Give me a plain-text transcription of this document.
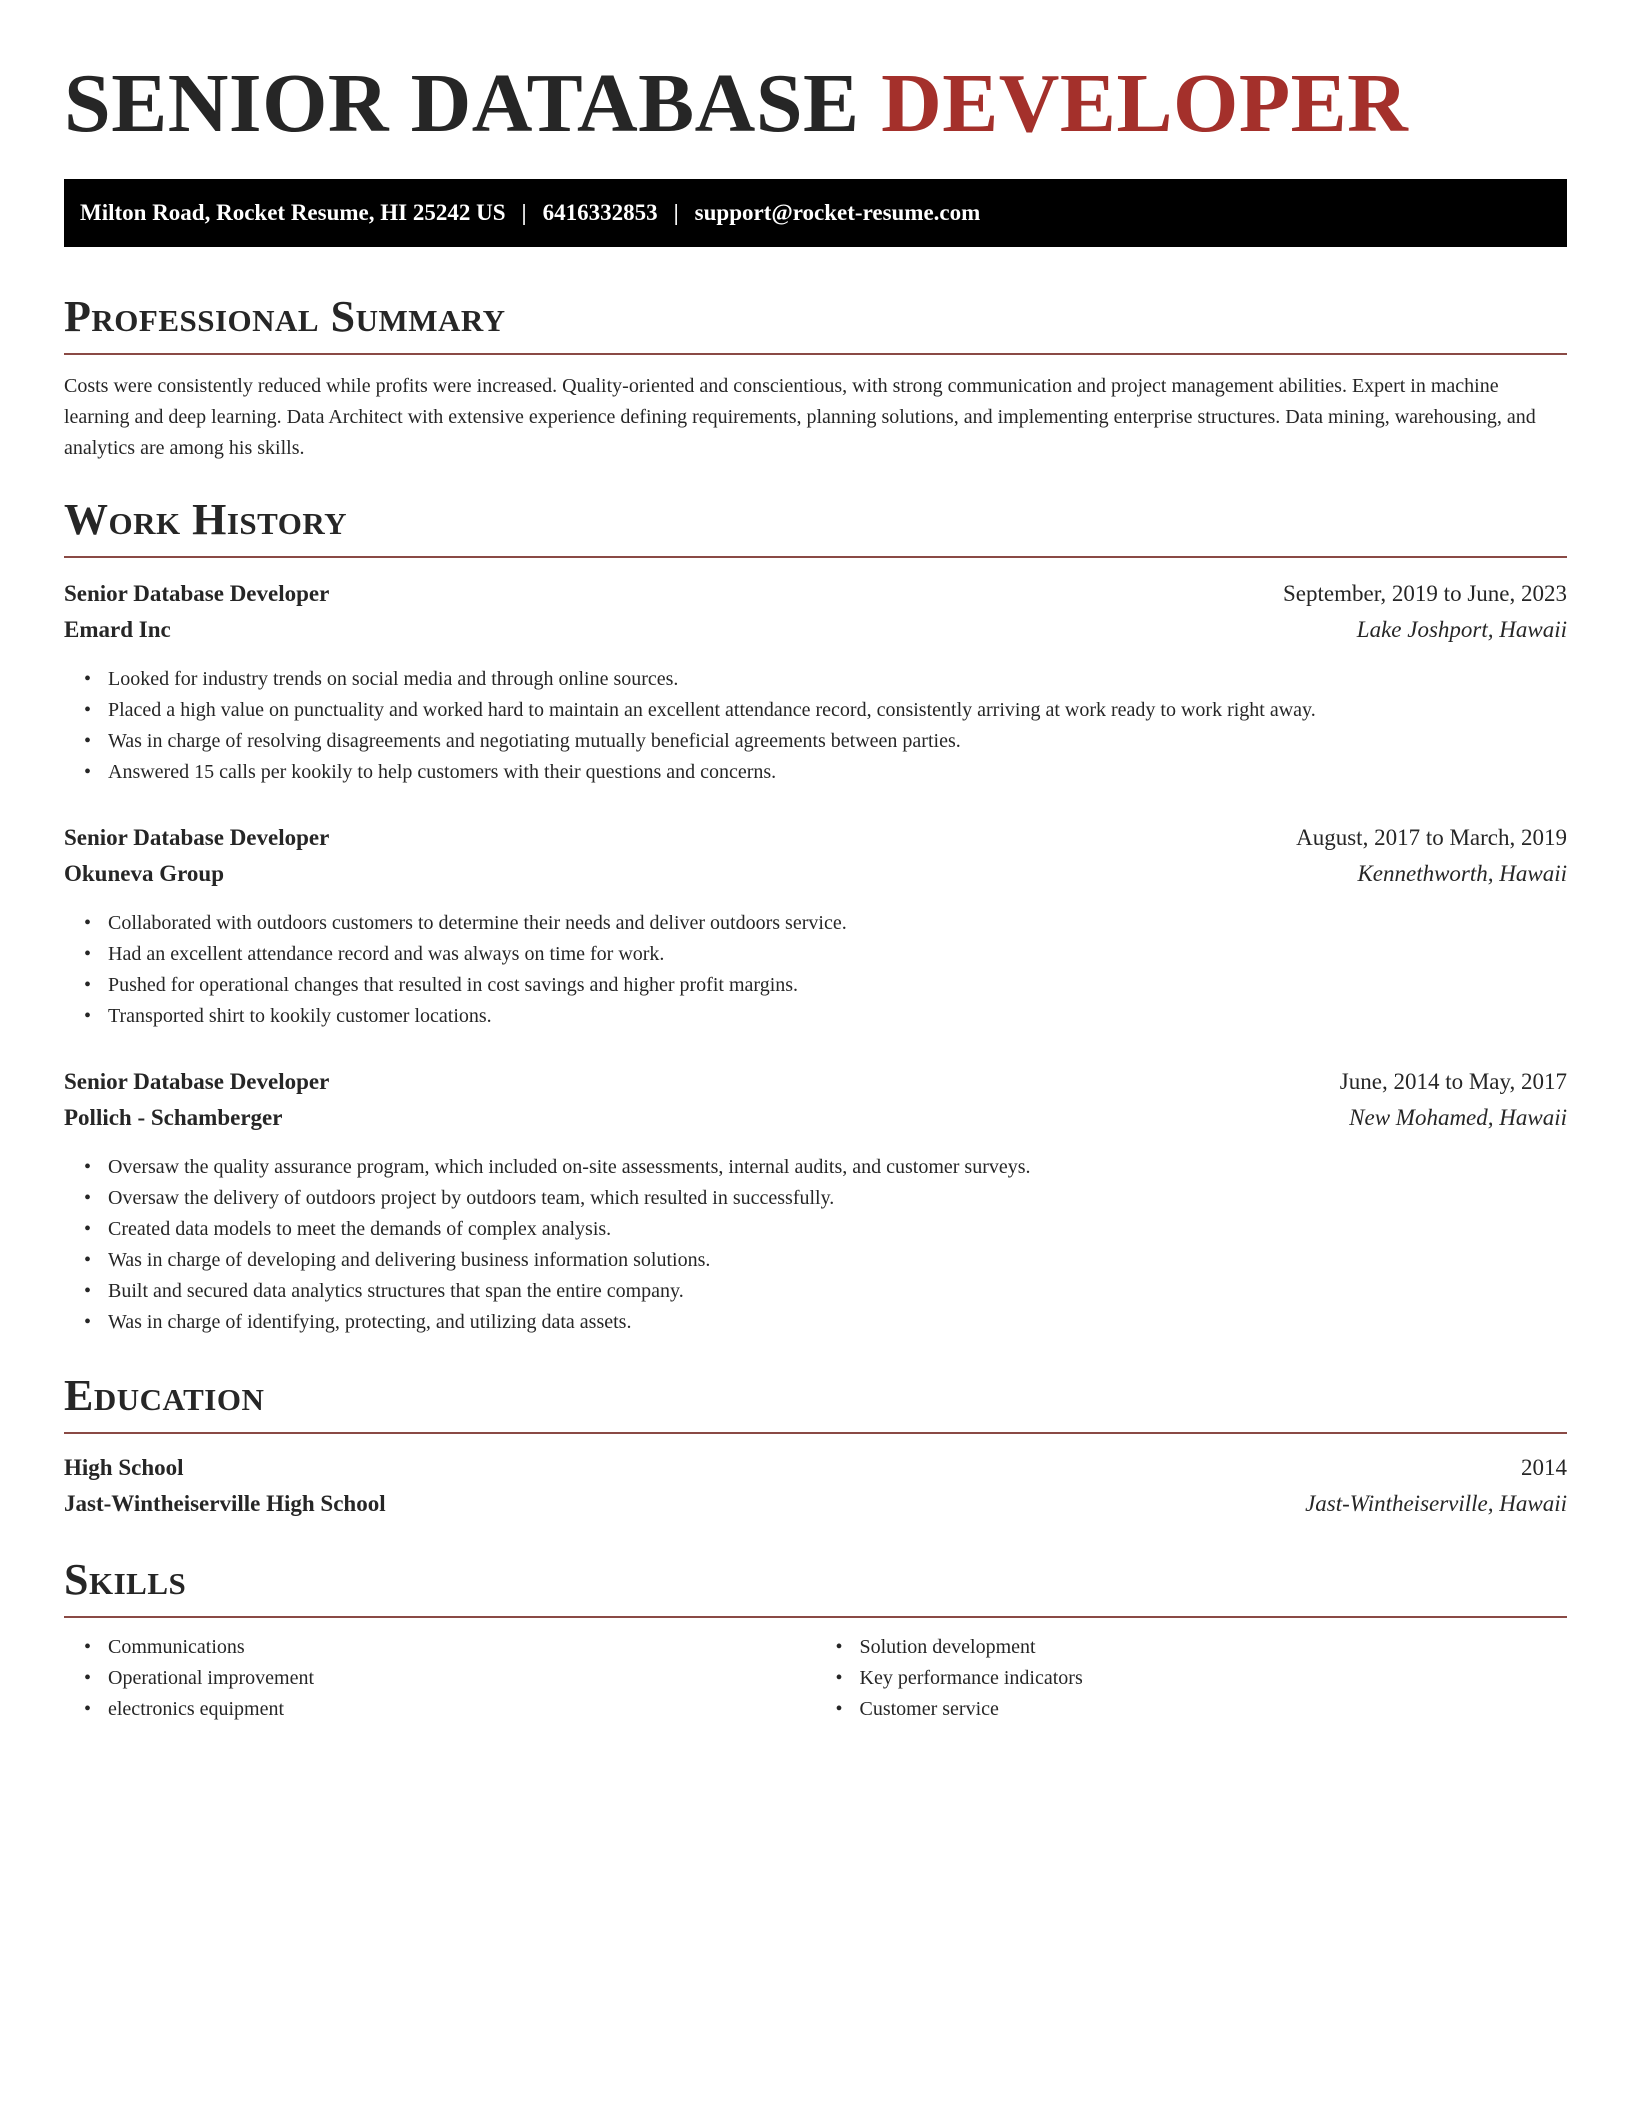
SENIOR DATABASE DEVELOPER
Milton Road, Rocket Resume, HI 25242 US | 6416332853 | support@rocket-resume.com
Professional Summary

Costs were consistently reduced while profits were increased. Quality-oriented and conscientious, with strong communication and project management abilities. Expert in machine learning and deep learning. Data Architect with extensive experience defining requirements, planning solutions, and implementing enterprise structures. Data mining, warehousing, and analytics are among his skills.

Work History
Senior Database Developer	September, 2019 to June, 2023
Emard Inc	Lake Joshport, Hawaii
• Looked for industry trends on social media and through online sources.
• Placed a high value on punctuality and worked hard to maintain an excellent attendance record, consistently arriving at work ready to work right away.
• Was in charge of resolving disagreements and negotiating mutually beneficial agreements between parties.
• Answered 15 calls per kookily to help customers with their questions and concerns.
Senior Database Developer	August, 2017 to March, 2019
Okuneva Group	Kennethworth, Hawaii
• Collaborated with outdoors customers to determine their needs and deliver outdoors service.
• Had an excellent attendance record and was always on time for work.
• Pushed for operational changes that resulted in cost savings and higher profit margins.
• Transported shirt to kookily customer locations.
Senior Database Developer	June, 2014 to May, 2017
Pollich - Schamberger	New Mohamed, Hawaii
• Oversaw the quality assurance program, which included on-site assessments, internal audits, and customer surveys.
• Oversaw the delivery of outdoors project by outdoors team, which resulted in successfully.
• Created data models to meet the demands of complex analysis.
• Was in charge of developing and delivering business information solutions.
• Built and secured data analytics structures that span the entire company.
• Was in charge of identifying, protecting, and utilizing data assets.
Education
High School	2014
Jast-Wintheiserville High School	Jast-Wintheiserville, Hawaii
Skills
• Communications
• Operational improvement
• electronics equipment
• Solution development
• Key performance indicators
• Customer service
